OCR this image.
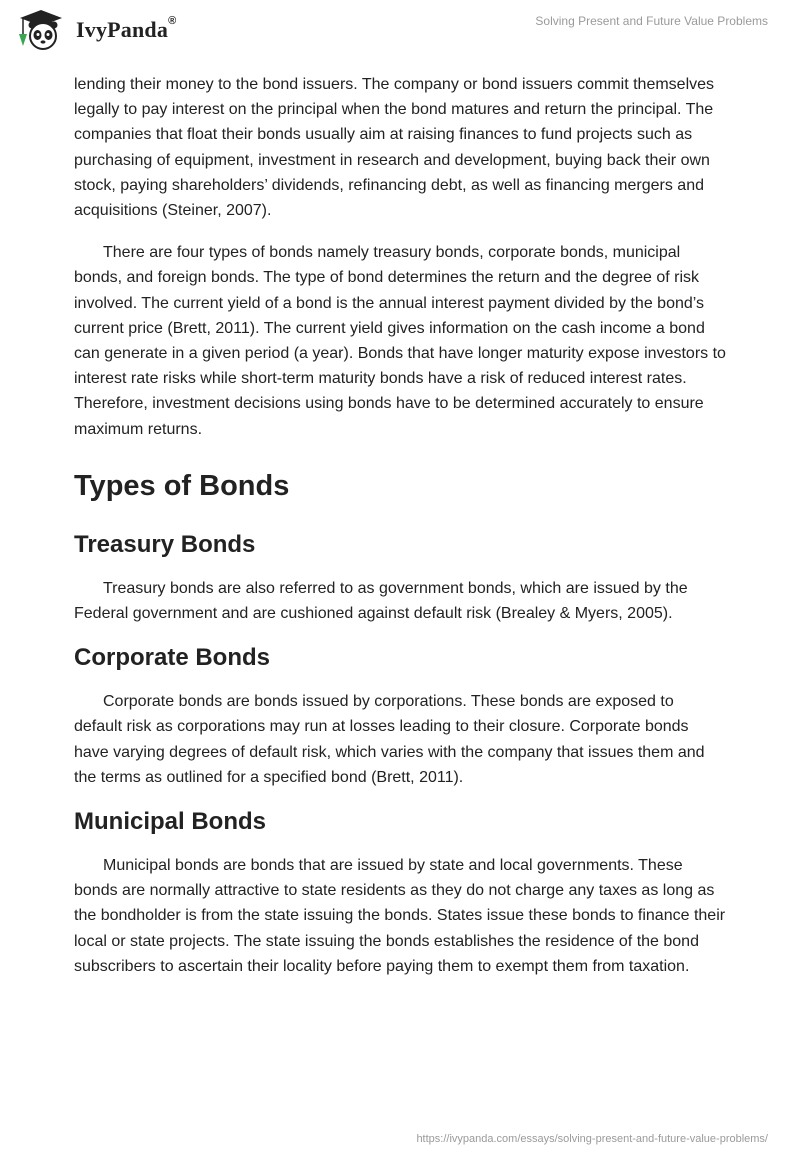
IvyPanda®	Solving Present and Future Value Problems

lending their money to the bond issuers. The company or bond issuers commit themselves legally to pay interest on the principal when the bond matures and return the principal. The companies that float their bonds usually aim at raising finances to fund projects such as purchasing of equipment, investment in research and development, buying back their own stock, paying shareholders’ dividends, refinancing debt, as well as financing mergers and acquisitions (Steiner, 2007).

There are four types of bonds namely treasury bonds, corporate bonds, municipal bonds, and foreign bonds. The type of bond determines the return and the degree of risk involved. The current yield of a bond is the annual interest payment divided by the bond’s current price (Brett, 2011). The current yield gives information on the cash income a bond can generate in a given period (a year). Bonds that have longer maturity expose investors to interest rate risks while short-term maturity bonds have a risk of reduced interest rates. Therefore, investment decisions using bonds have to be determined accurately to ensure maximum returns.

Types of Bonds
Treasury Bonds

Treasury bonds are also referred to as government bonds, which are issued by the Federal government and are cushioned against default risk (Brealey & Myers, 2005).

Corporate Bonds

Corporate bonds are bonds issued by corporations. These bonds are exposed to default risk as corporations may run at losses leading to their closure. Corporate bonds have varying degrees of default risk, which varies with the company that issues them and the terms as outlined for a specified bond (Brett, 2011).

Municipal Bonds

Municipal bonds are bonds that are issued by state and local governments. These bonds are normally attractive to state residents as they do not charge any taxes as long as the bondholder is from the state issuing the bonds. States issue these bonds to finance their local or state projects. The state issuing the bonds establishes the residence of the bond subscribers to ascertain their locality before paying them to exempt them from taxation.

https://ivypanda.com/essays/solving-present-and-future-value-problems/
